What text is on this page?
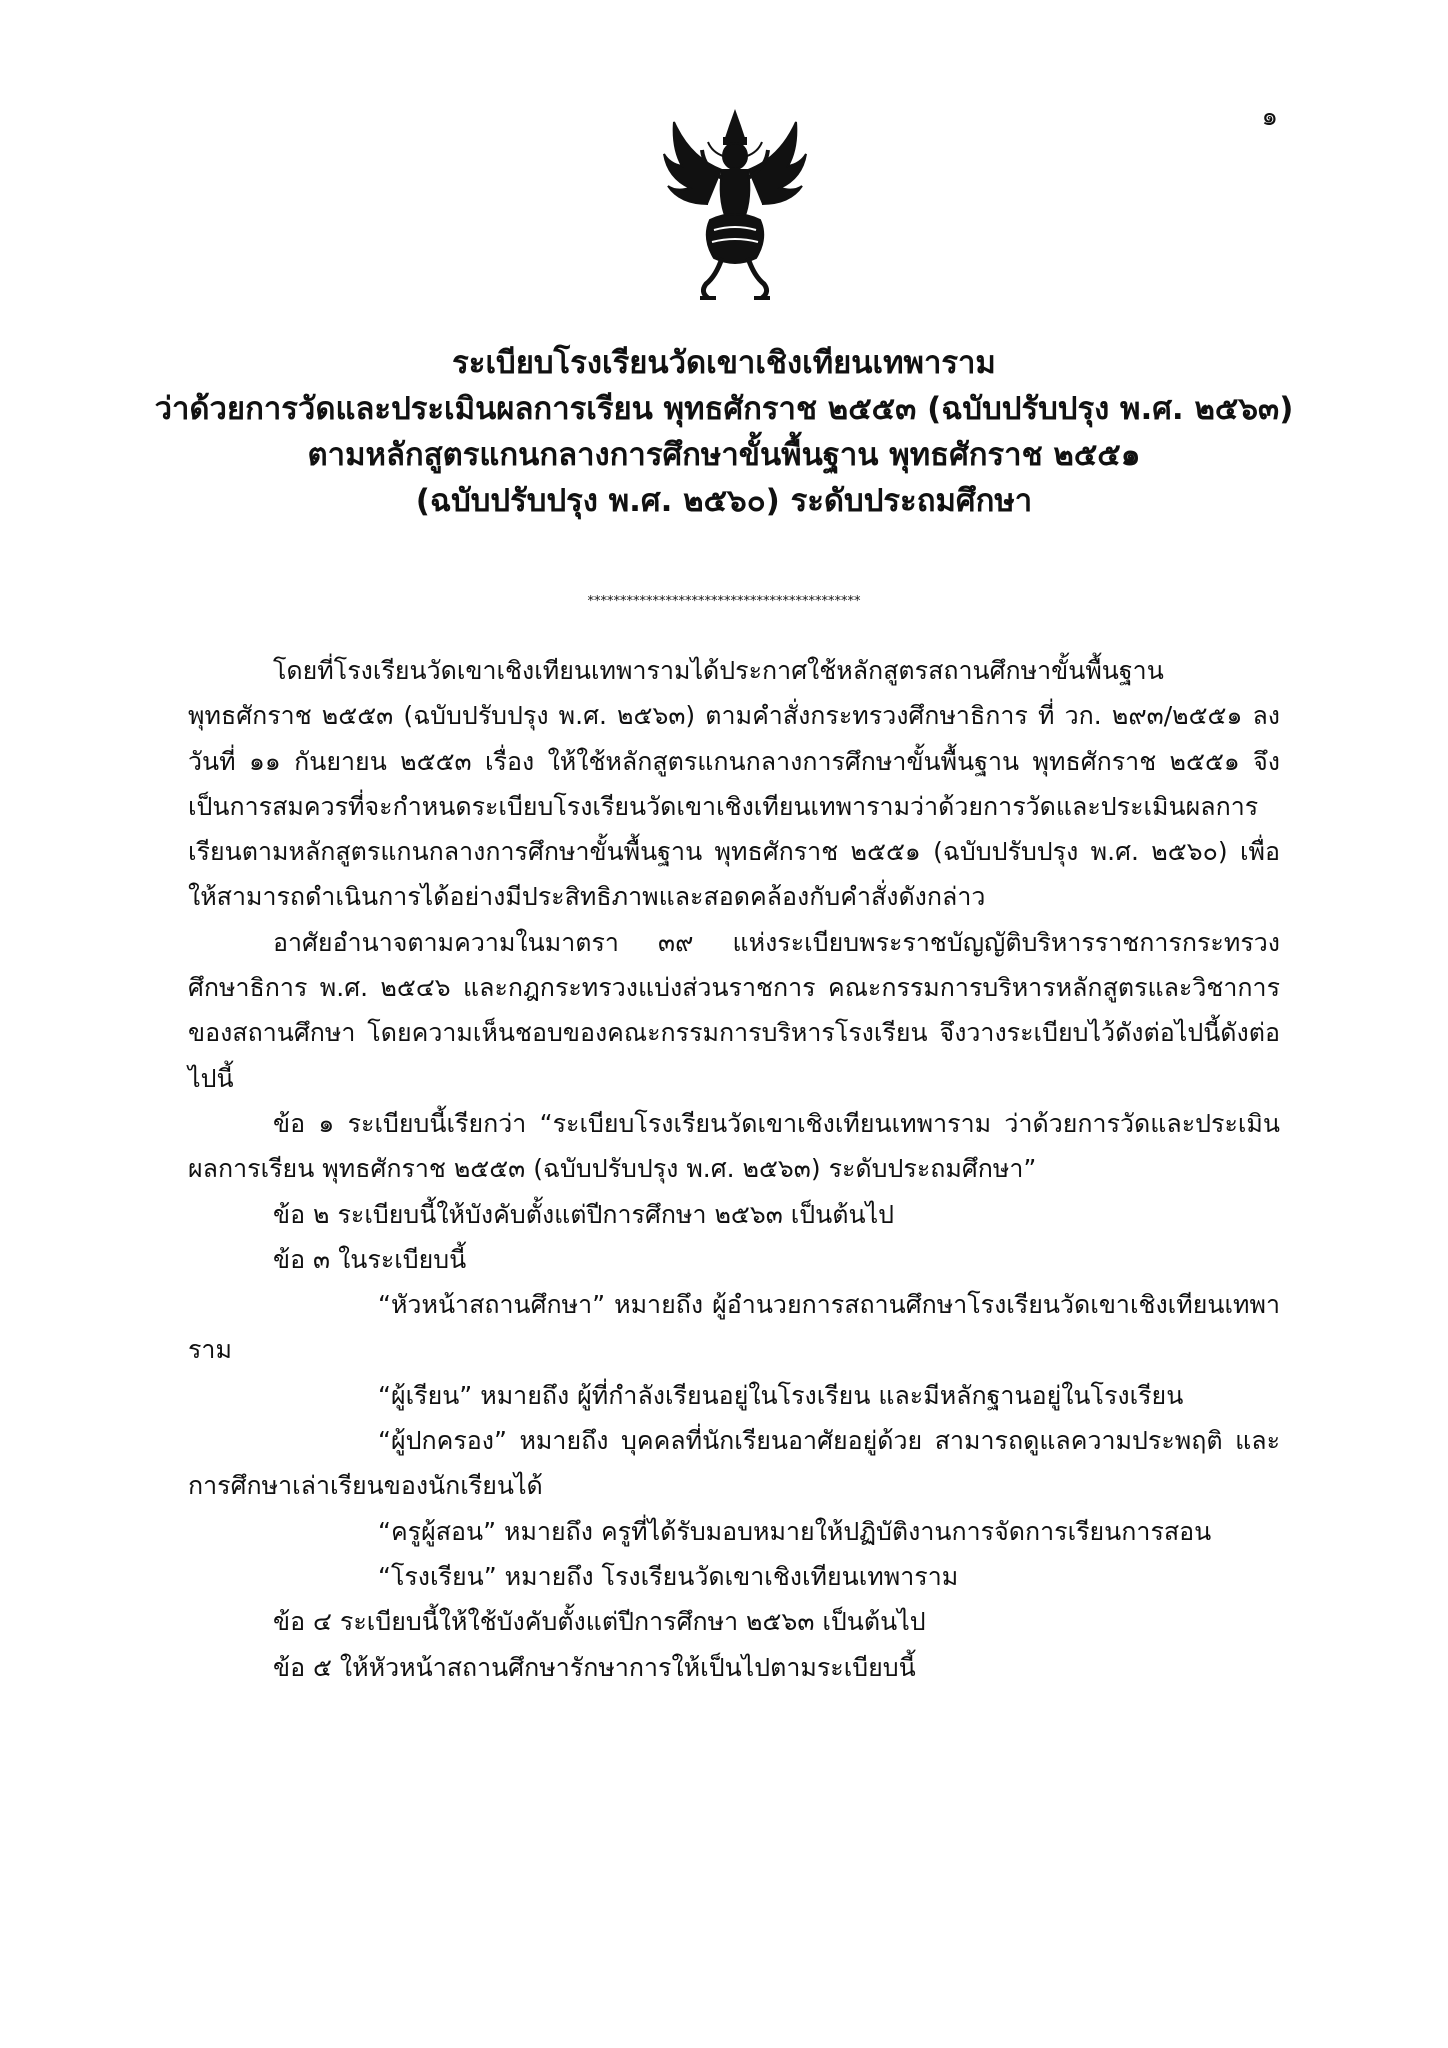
๑

ระเบียบโรงเรียนวัดเขาเชิงเทียนเทพาราม

ว่าด้วยการวัดและประเมินผลการเรียน พุทธศักราช ๒๕๕๓ (ฉบับปรับปรุง พ.ศ. ๒๕๖๓)

ตามหลักสูตรแกนกลางการศึกษาขั้นพื้นฐาน พุทธศักราช ๒๕๕๑

(ฉบับปรับปรุง พ.ศ. ๒๕๖๐) ระดับประถมศึกษา

******************************************

โดยที่โรงเรียนวัดเขาเชิงเทียนเทพารามได้ประกาศใช้หลักสูตรสถานศึกษาขั้นพื้นฐาน พุทธศักราช ๒๕๕๓ (ฉบับปรับปรุง พ.ศ. ๒๕๖๓) ตามคำสั่งกระทรวงศึกษาธิการ ที่ วก. ๒๙๓/๒๕๕๑ ลงวันที่ ๑๑ กันยายน ๒๕๕๓ เรื่อง ให้ใช้หลักสูตรแกนกลางการศึกษาขั้นพื้นฐาน พุทธศักราช ๒๕๕๑ จึงเป็นการสมควรที่จะกำหนดระเบียบโรงเรียนวัดเขาเชิงเทียนเทพารามว่าด้วยการวัดและประเมินผลการเรียนตามหลักสูตรแกนกลางการศึกษาขั้นพื้นฐาน พุทธศักราช ๒๕๕๑ (ฉบับปรับปรุง พ.ศ. ๒๕๖๐) เพื่อให้สามารถดำเนินการได้อย่างมีประสิทธิภาพและสอดคล้องกับคำสั่งดังกล่าว

อาศัยอำนาจตามความในมาตรา ๓๙ แห่งระเบียบพระราชบัญญัติบริหารราชการกระทรวงศึกษาธิการ พ.ศ. ๒๕๔๖ และกฎกระทรวงแบ่งส่วนราชการ คณะกรรมการบริหารหลักสูตรและวิชาการของสถานศึกษา โดยความเห็นชอบของคณะกรรมการบริหารโรงเรียน จึงวางระเบียบไว้ดังต่อไปนี้ดังต่อไปนี้

ข้อ ๑ ระเบียบนี้เรียกว่า “ระเบียบโรงเรียนวัดเขาเชิงเทียนเทพาราม ว่าด้วยการวัดและประเมินผลการเรียน พุทธศักราช ๒๕๕๓ (ฉบับปรับปรุง พ.ศ. ๒๕๖๓) ระดับประถมศึกษา”

ข้อ ๒ ระเบียบนี้ให้บังคับตั้งแต่ปีการศึกษา ๒๕๖๓ เป็นต้นไป

ข้อ ๓ ในระเบียบนี้

“หัวหน้าสถานศึกษา” หมายถึง ผู้อำนวยการสถานศึกษาโรงเรียนวัดเขาเชิงเทียนเทพาราม

“ผู้เรียน” หมายถึง ผู้ที่กำลังเรียนอยู่ในโรงเรียน และมีหลักฐานอยู่ในโรงเรียน

“ผู้ปกครอง” หมายถึง บุคคลที่นักเรียนอาศัยอยู่ด้วย สามารถดูแลความประพฤติ และการศึกษาเล่าเรียนของนักเรียนได้

“ครูผู้สอน” หมายถึง ครูที่ได้รับมอบหมายให้ปฏิบัติงานการจัดการเรียนการสอน

“โรงเรียน” หมายถึง โรงเรียนวัดเขาเชิงเทียนเทพาราม

ข้อ ๔ ระเบียบนี้ให้ใช้บังคับตั้งแต่ปีการศึกษา ๒๕๖๓ เป็นต้นไป

ข้อ ๕ ให้หัวหน้าสถานศึกษารักษาการให้เป็นไปตามระเบียบนี้
